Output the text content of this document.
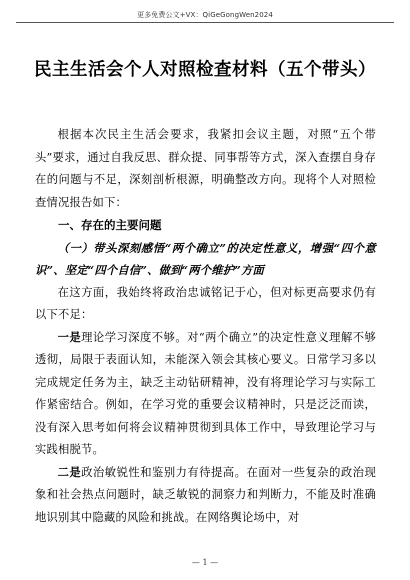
更多免费公文+VX：QiGeGongWen2024
民主生活会个人对照检查材料（五个带头）

根据本次民主生活会要求，我紧扣会议主题，对照“五个带头”要求，通过自我反思、群众提、同事帮等方式，深入查摆自身存在的问题与不足，深刻剖析根源，明确整改方向。现将个人对照检查情况报告如下：

一、存在的主要问题

（一）带头深刻感悟“两个确立”的决定性意义，增强“四个意识”、坚定“四个自信”、做到“两个维护”方面

在这方面，我始终将政治忠诚铭记于心，但对标更高要求仍有以下不足：

一是理论学习深度不够。对“两个确立”的决定性意义理解不够透彻，局限于表面认知，未能深入领会其核心要义。日常学习多以完成规定任务为主，缺乏主动钻研精神，没有将理论学习与实际工作紧密结合。例如，在学习党的重要会议精神时，只是泛泛而读，没有深入思考如何将会议精神贯彻到具体工作中，导致理论学习与实践相脱节。

二是政治敏锐性和鉴别力有待提高。在面对一些复杂的政治现象和社会热点问题时，缺乏敏锐的洞察力和判断力，不能及时准确地识别其中隐藏的风险和挑战。在网络舆论场中，对

— 1 —
